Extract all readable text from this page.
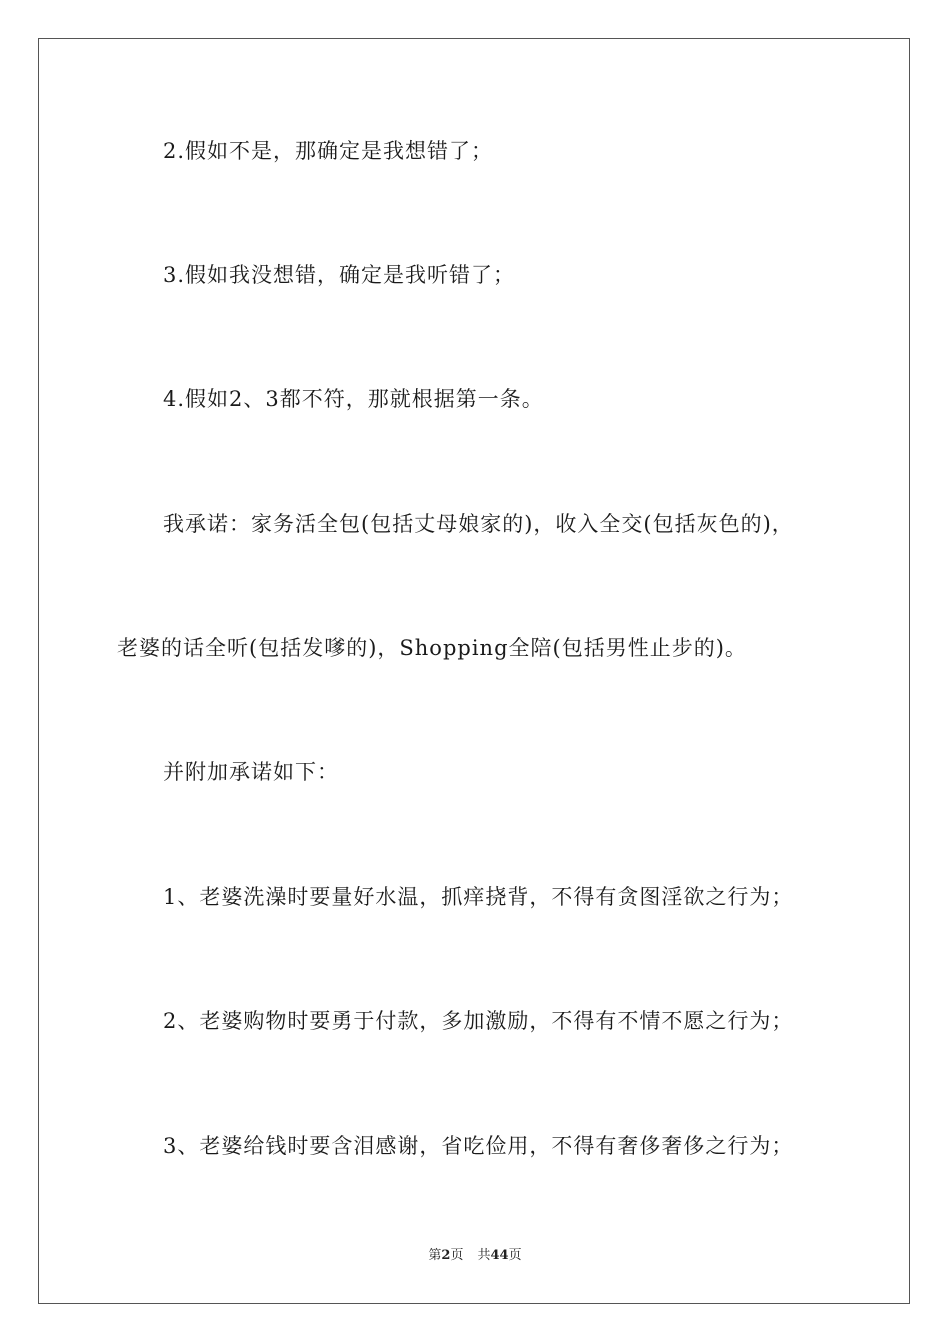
2.假如不是，那确定是我想错了；

3.假如我没想错，确定是我听错了；

4.假如2、3都不符，那就根据第一条。

我承诺：家务活全包(包括丈母娘家的)，收入全交(包括灰色的)，

老婆的话全听(包括发嗲的)，Shopping全陪(包括男性止步的)。

并附加承诺如下：

1、老婆洗澡时要量好水温，抓痒挠背，不得有贪图淫欲之行为；

2、老婆购物时要勇于付款，多加激励，不得有不情不愿之行为；

3、老婆给钱时要含泪感谢，省吃俭用，不得有奢侈奢侈之行为；

第2页 共44页
